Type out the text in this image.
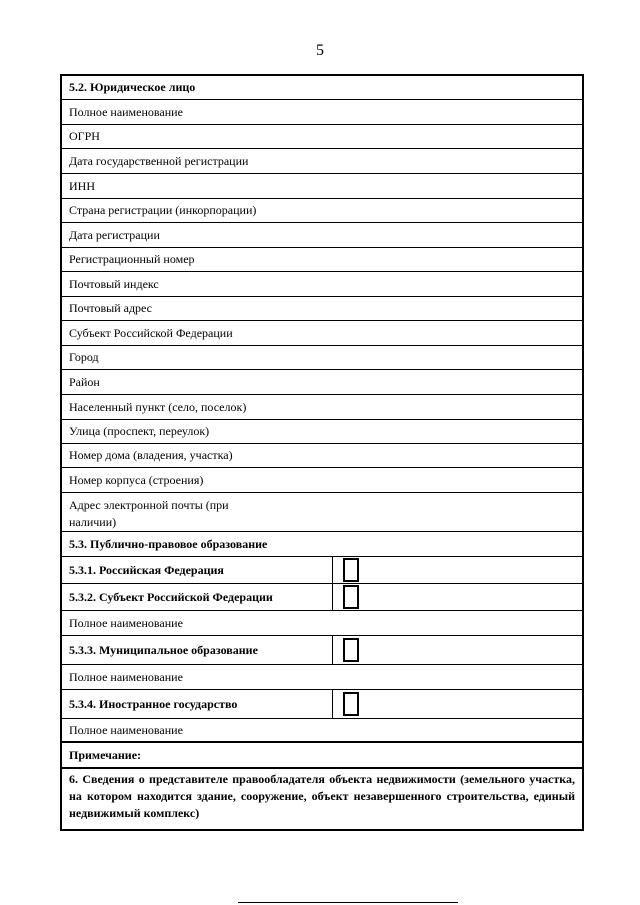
5
5.2. Юридическое лицо
Полное наименование
ОГРН
Дата государственной регистрации
ИНН
Страна регистрации (инкорпорации)
Дата регистрации
Регистрационный номер
Почтовый индекс
Почтовый адрес
Субъект Российской Федерации
Город
Район
Населенный пункт (село, поселок)
Улица (проспект, переулок)
Номер дома (владения, участка)
Номер корпуса (строения)
Адрес электронной почты (при наличии)
5.3. Публично-правовое образование
5.3.1. Российская Федерация
5.3.2. Субъект Российской Федерации
Полное наименование
5.3.3. Муниципальное образование
Полное наименование
5.3.4. Иностранное государство
Полное наименование
Примечание:
6. Сведения о представителе правообладателя объекта недвижимости (земельного участка, на котором находится здание, сооружение, объект незавершенного строительства, единый недвижимый комплекс)
